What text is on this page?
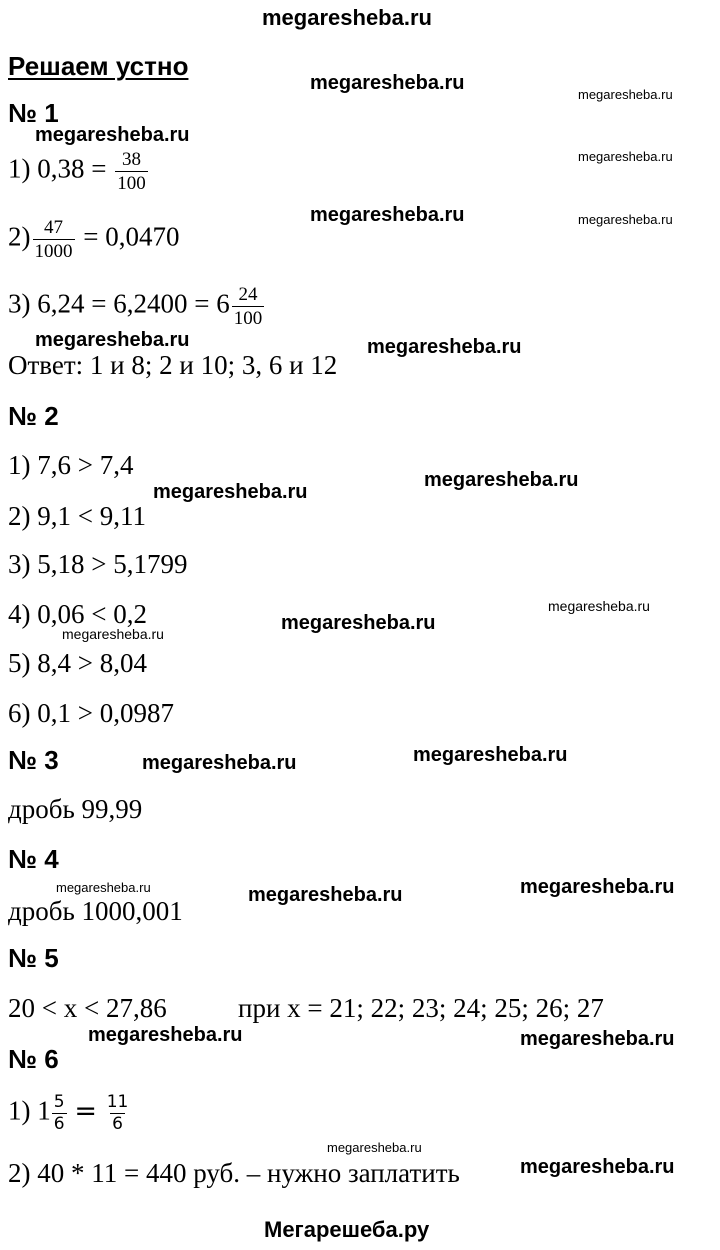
megaresheba.ru
Решаем устно
№ 1
1) $0,38 = \frac{38}{100}$
$2) \frac{47}{1000} = 0,0470$
3) $6,24 = 6,2400 = 6 \frac{24}{100}$
Ответ: 1 и 8; 2 и 10; 3, 6 и 12
№ 2
1) 7,6 > 7,4
2) 9,1 < 9,11
3) 5,18 > 5,1799
4) 0,06 < 0,2
5) 8,4 > 8,04
6) 0,1 > 0,0987
№ 3
дробь 99,99
№ 4
дробь 1000,001
№ 5
20 < x < 27,86	при x = 21; 22; 23; 24; 25; 26; 27
№ 6
1) $1 \frac{5}{6} = \frac{11}{6}$
2) 40 * 11 = 440 руб. – нужно заплатить
Мегарешеба.ру
megaresheba.ru
megaresheba.ru
megaresheba.ru
megaresheba.ru
megaresheba.ru	megaresheba.ru
megaresheba.ru	megaresheba.ru
megaresheba.ru
megaresheba.ru
megaresheba.ru
megaresheba.ru
megaresheba.ru
megaresheba.ru
megaresheba.ru
megaresheba.ru
megaresheba.ru	megaresheba.ru
megaresheba.ru	megaresheba.ru
megaresheba.ru
megaresheba.ru
